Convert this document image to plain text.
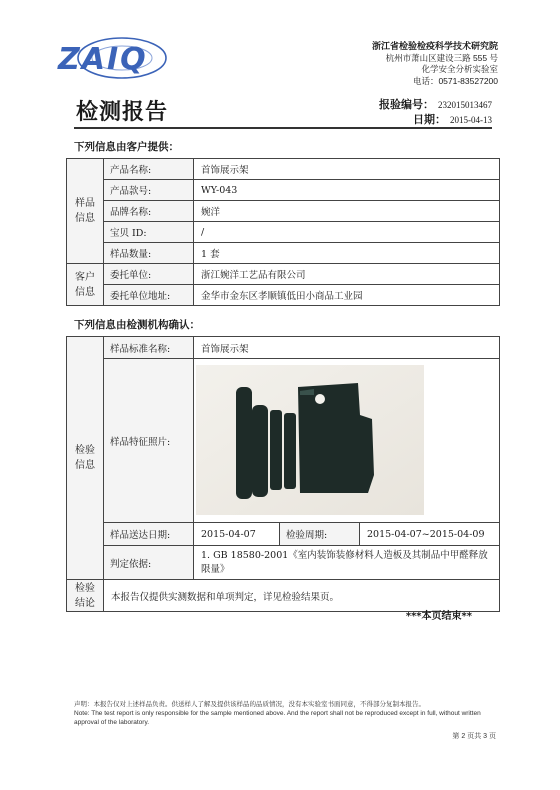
ZAIQ	浙江省检验检疫科学技术研究院
杭州市萧山区建设三路 555 号
化学安全分析实验室
电话：0571-83527200
检测报告	报验编号： 232015013467
日期： 2015-04-13
下列信息由客户提供：
样品信息	产品名称:	首饰展示架
	产品款号:	WY-043
	品牌名称:	婉洋
	宝贝 ID:	/
	样品数量:	1 套
客户信息	委托单位:	浙江婉洋工艺品有限公司
	委托单位地址:	金华市金东区孝顺镇低田小商品工业园
下列信息由检测机构确认：
检验信息	样品标准名称:	首饰展示架		
	样品特征照片:	

	样品送达日期:	2015-04-07	检验周期:	2015-04-07~2015-04-09
	判定依据:	1. GB 18580-2001《室内装饰装修材料人造板及其制品中甲醛释放限量》		
检验结论	本报告仅提供实测数据和单项判定，详见检验结果页。			
***本页结束**
声明：本报告仅对上述样品负责。供送样人了解及提供该样品的品质情况，没有本实验室书面同意，不得部分复制本报告。
Note: The test report is only responsible for the sample mentioned above. And the report shall not be reproduced except in full, without written approval of the laboratory.
第 2 页共 3 页
